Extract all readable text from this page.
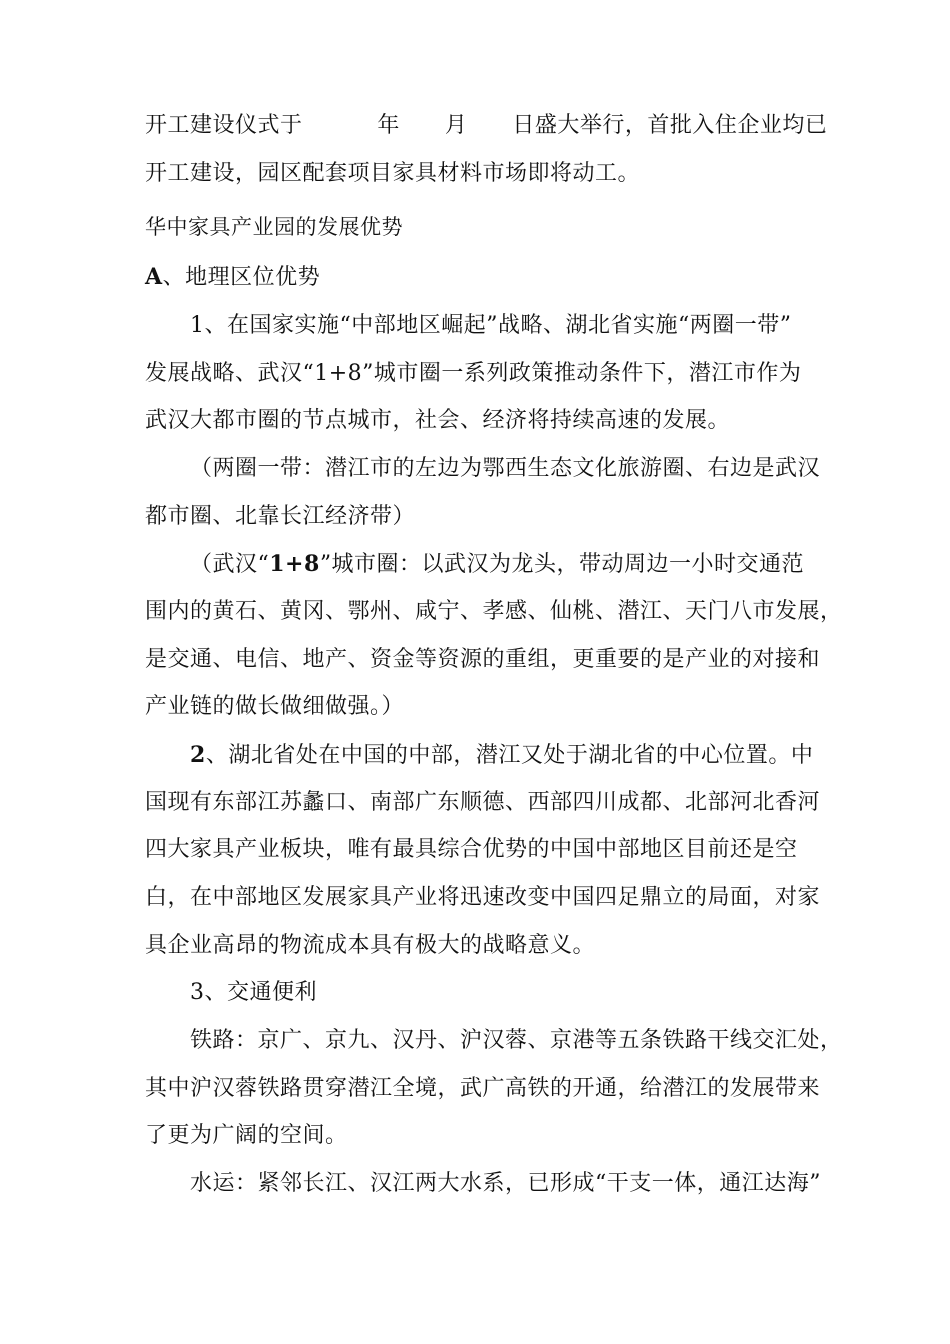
开工建设仪式于          年      月      日盛大举行，首批入住企业均已

开工建设，园区配套项目家具材料市场即将动工。

华中家具产业园的发展优势

A、地理区位优势

1、在国家实施“中部地区崛起”战略、湖北省实施“两圈一带”

发展战略、武汉“1+8”城市圈一系列政策推动条件下，潜江市作为

武汉大都市圈的节点城市，社会、经济将持续高速的发展。

（两圈一带：潜江市的左边为鄂西生态文化旅游圈、右边是武汉

都市圈、北靠长江经济带）

（武汉“1+8”城市圈：以武汉为龙头，带动周边一小时交通范

围内的黄石、黄冈、鄂州、咸宁、孝感、仙桃、潜江、天门八市发展，

是交通、电信、地产、资金等资源的重组，更重要的是产业的对接和

产业链的做长做细做强。）

2、湖北省处在中国的中部，潜江又处于湖北省的中心位置。中

国现有东部江苏蠡口、南部广东顺德、西部四川成都、北部河北香河

四大家具产业板块，唯有最具综合优势的中国中部地区目前还是空

白，在中部地区发展家具产业将迅速改变中国四足鼎立的局面，对家

具企业高昂的物流成本具有极大的战略意义。

3、交通便利

铁路：京广、京九、汉丹、沪汉蓉、京港等五条铁路干线交汇处，

其中沪汉蓉铁路贯穿潜江全境，武广高铁的开通，给潜江的发展带来

了更为广阔的空间。

水运：紧邻长江、汉江两大水系，已形成“干支一体，通江达海”
